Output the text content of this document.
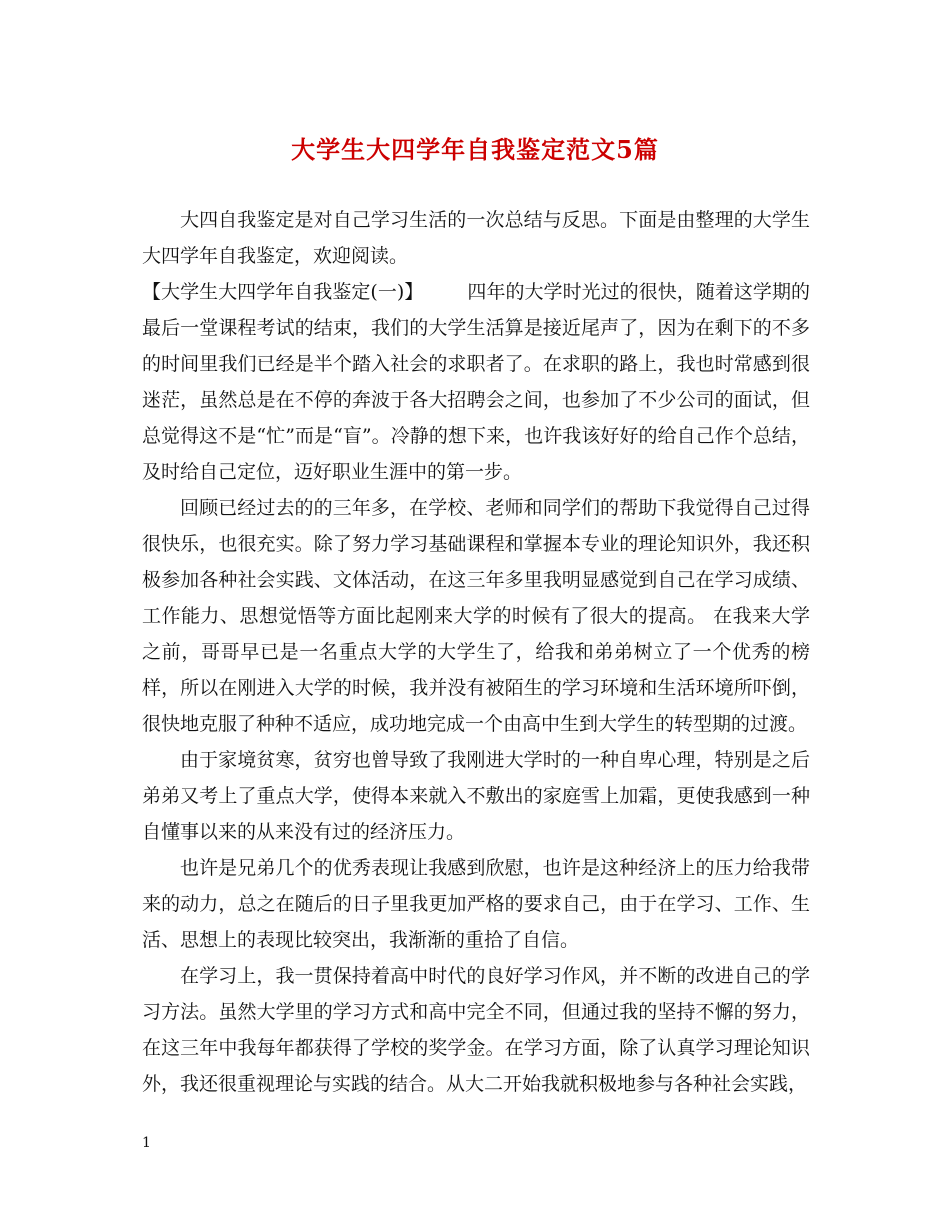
大学生大四学年自我鉴定范文5篇

大四自我鉴定是对自己学习生活的一次总结与反思。下面是由整理的大学生大四学年自我鉴定，欢迎阅读。

【大学生大四学年自我鉴定(一)】 四年的大学时光过的很快，随着这学期的最后一堂课程考试的结束，我们的大学生活算是接近尾声了，因为在剩下的不多的时间里我们已经是半个踏入社会的求职者了。在求职的路上，我也时常感到很迷茫，虽然总是在不停的奔波于各大招聘会之间，也参加了不少公司的面试，但总觉得这不是“忙”而是“盲”。冷静的想下来，也许我该好好的给自己作个总结，及时给自己定位，迈好职业生涯中的第一步。

回顾已经过去的的三年多，在学校、老师和同学们的帮助下我觉得自己过得很快乐，也很充实。除了努力学习基础课程和掌握本专业的理论知识外，我还积极参加各种社会实践、文体活动，在这三年多里我明显感觉到自己在学习成绩、工作能力、思想觉悟等方面比起刚来大学的时候有了很大的提高。 在我来大学之前，哥哥早已是一名重点大学的大学生了，给我和弟弟树立了一个优秀的榜样，所以在刚进入大学的时候，我并没有被陌生的学习环境和生活环境所吓倒，很快地克服了种种不适应，成功地完成一个由高中生到大学生的转型期的过渡。

由于家境贫寒，贫穷也曾导致了我刚进大学时的一种自卑心理，特别是之后弟弟又考上了重点大学，使得本来就入不敷出的家庭雪上加霜，更使我感到一种自懂事以来的从来没有过的经济压力。

也许是兄弟几个的优秀表现让我感到欣慰，也许是这种经济上的压力给我带来的动力，总之在随后的日子里我更加严格的要求自己，由于在学习、工作、生活、思想上的表现比较突出，我渐渐的重拾了自信。

在学习上，我一贯保持着高中时代的良好学习作风，并不断的改进自己的学习方法。虽然大学里的学习方式和高中完全不同，但通过我的坚持不懈的努力，在这三年中我每年都获得了学校的奖学金。在学习方面，除了认真学习理论知识外，我还很重视理论与实践的结合。从大二开始我就积极地参与各种社会实践，

1
